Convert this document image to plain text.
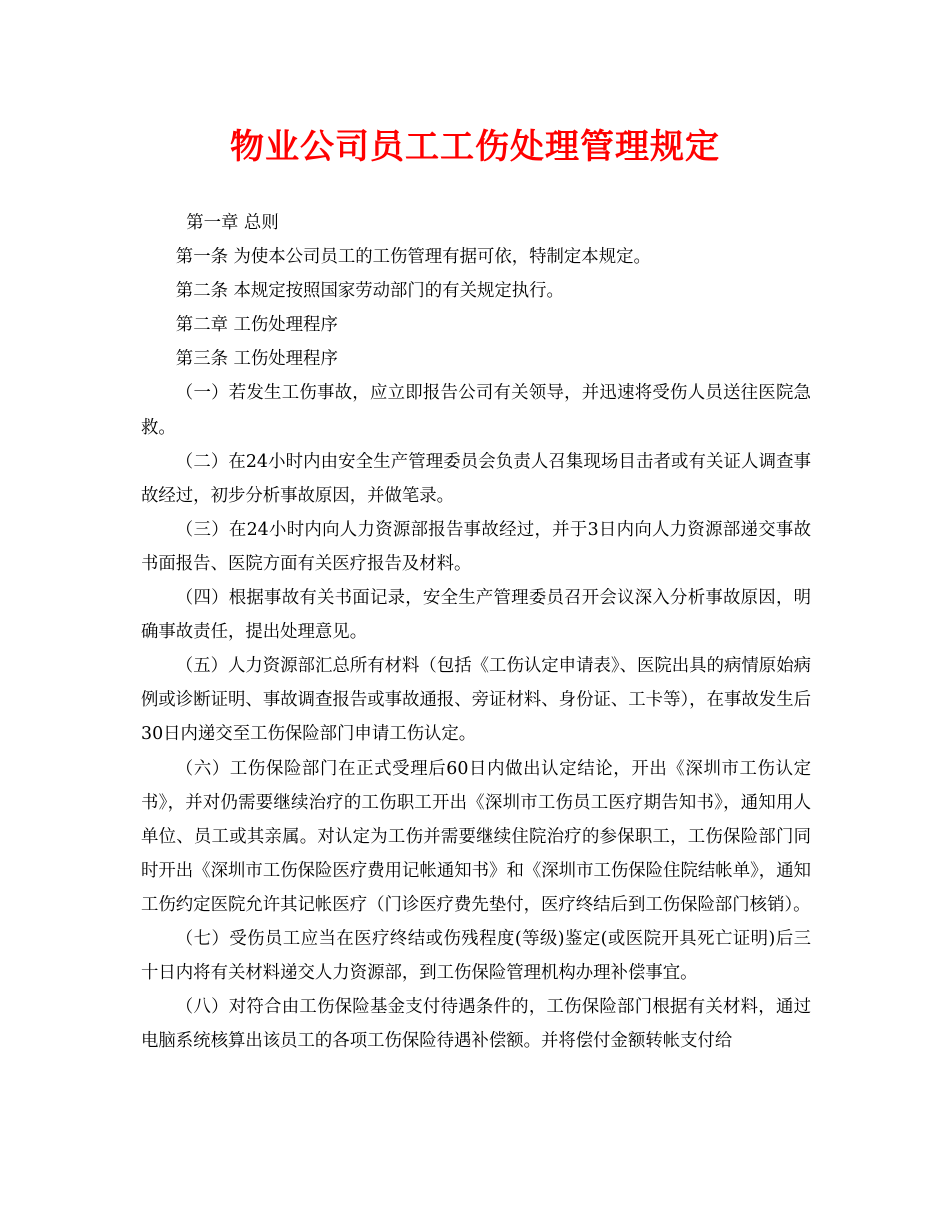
物业公司员工工伤处理管理规定

第一章 总则

第一条 为使本公司员工的工伤管理有据可依，特制定本规定。

第二条 本规定按照国家劳动部门的有关规定执行。

第二章 工伤处理程序

第三条 工伤处理程序

（一）若发生工伤事故，应立即报告公司有关领导，并迅速将受伤人员送往医院急救。

（二）在24小时内由安全生产管理委员会负责人召集现场目击者或有关证人调查事故经过，初步分析事故原因，并做笔录。

（三）在24小时内向人力资源部报告事故经过，并于3日内向人力资源部递交事故书面报告、医院方面有关医疗报告及材料。

（四）根据事故有关书面记录，安全生产管理委员召开会议深入分析事故原因，明确事故责任，提出处理意见。

（五）人力资源部汇总所有材料（包括《工伤认定申请表》、医院出具的病情原始病例或诊断证明、事故调查报告或事故通报、旁证材料、身份证、工卡等），在事故发生后30日内递交至工伤保险部门申请工伤认定。

（六）工伤保险部门在正式受理后60日内做出认定结论，开出《深圳市工伤认定书》，并对仍需要继续治疗的工伤职工开出《深圳市工伤员工医疗期告知书》，通知用人单位、员工或其亲属。对认定为工伤并需要继续住院治疗的参保职工，工伤保险部门同时开出《深圳市工伤保险医疗费用记帐通知书》和《深圳市工伤保险住院结帐单》，通知工伤约定医院允许其记帐医疗（门诊医疗费先垫付，医疗终结后到工伤保险部门核销）。

（七）受伤员工应当在医疗终结或伤残程度(等级)鉴定(或医院开具死亡证明)后三十日内将有关材料递交人力资源部，到工伤保险管理机构办理补偿事宜。

（八）对符合由工伤保险基金支付待遇条件的，工伤保险部门根据有关材料，通过电脑系统核算出该员工的各项工伤保险待遇补偿额。并将偿付金额转帐支付给
